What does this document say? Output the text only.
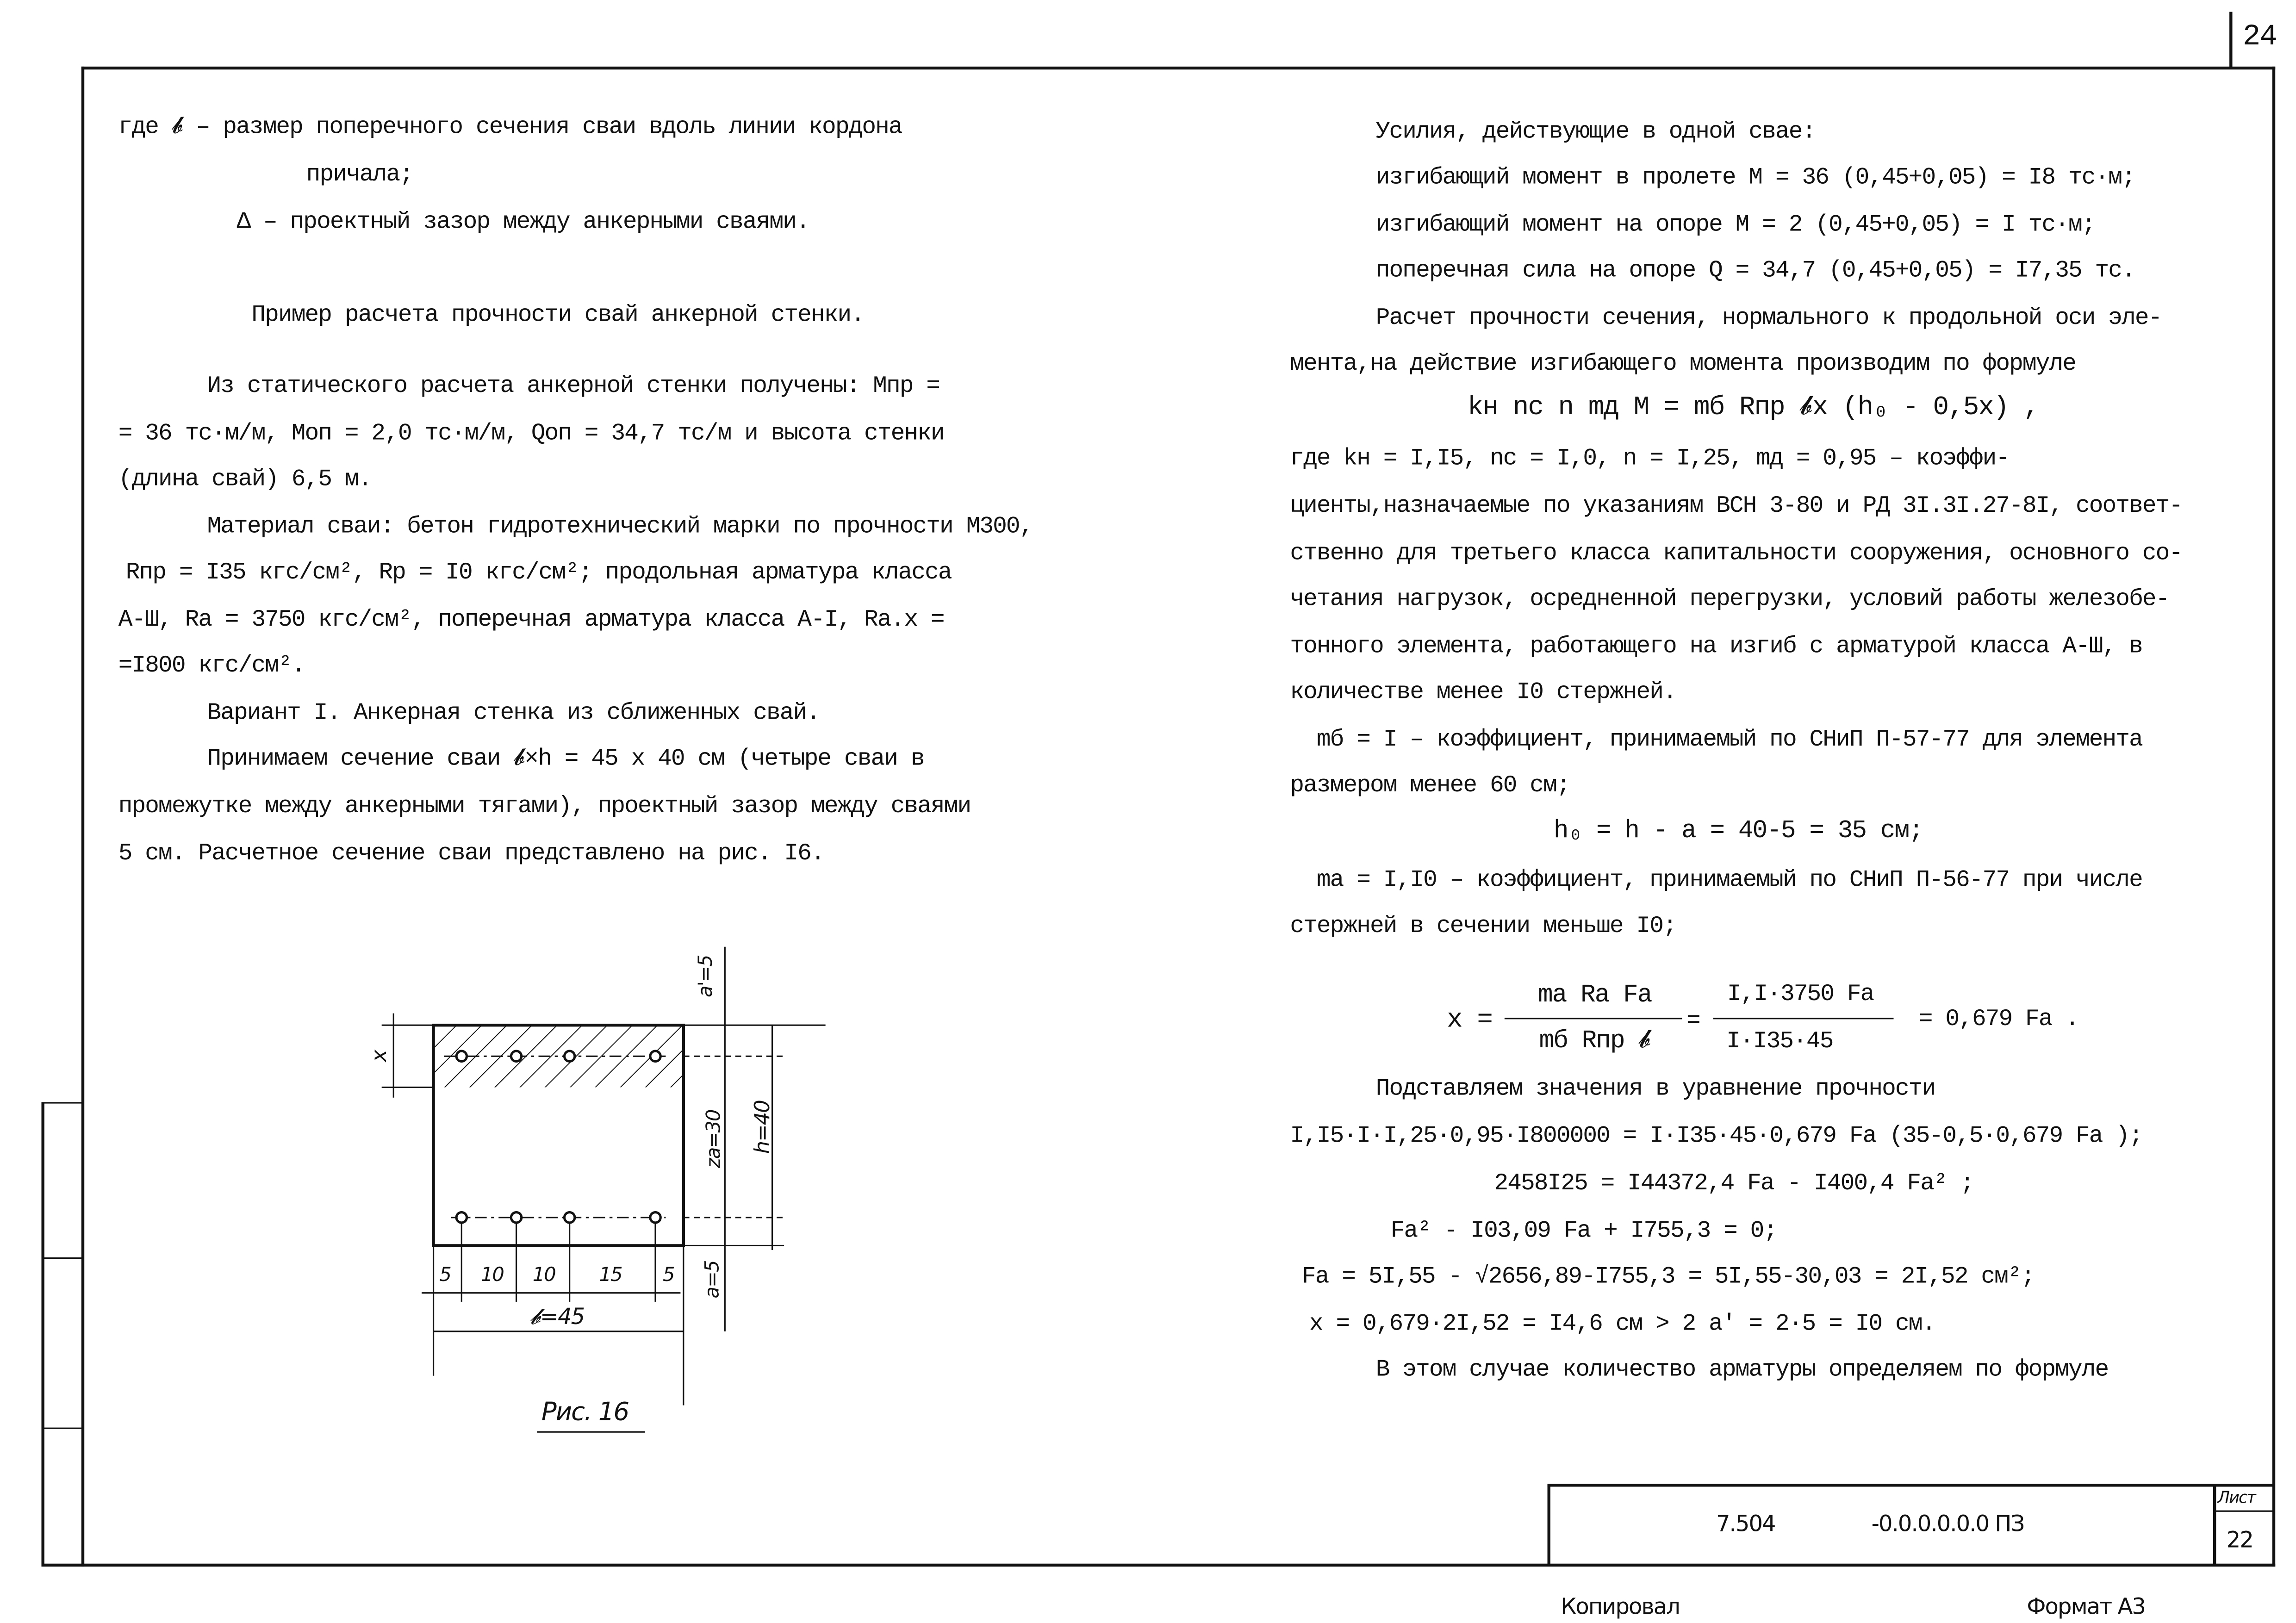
24
где 𝓫 – размер поперечного сечения сваи вдоль линии кордона
причала;
Δ – проектный зазор между анкерными сваями.
Пример расчета прочности свай анкерной стенки.
Из статического расчета анкерной стенки получены: Mпр =
= 36 тс·м/м, Mоп = 2,0 тс·м/м, Qоп = 34,7 тс/м и высота стенки
(длина свай) 6,5 м.
Материал сваи: бетон гидротехнический марки по прочности М300,
Rпр = I35 кгс/см², Rр = I0 кгс/см²; продольная арматура класса
А-Ш, Rа = 3750 кгс/см², поперечная арматура класса А-I, Rа.х =
=I800 кгс/см².
Вариант I. Анкерная стенка из сближенных свай.
Принимаем сечение сваи 𝓫×h = 45 x 40 см (четыре сваи в
промежутке между анкерными тягами), проектный зазор между сваями
5 см. Расчетное сечение сваи представлено на рис. I6.
x
a'=5
zа=30	h=40
a=5
5	10	10	15	5
𝓫=45
Рис. 16
Усилия, действующие в одной свае:
изгибающий момент в пролете M = 36 (0,45+0,05) = I8 тс·м;
изгибающий момент на опоре M = 2 (0,45+0,05) = I тс·м;
поперечная сила на опоре Q = 34,7 (0,45+0,05) = I7,35 тс.
Расчет прочности сечения, нормального к продольной оси эле-
мента,на действие изгибающего момента производим по формуле
kн nс n mд M = mб Rпр 𝓫x (h₀ - 0,5x) ,
где kн = I,I5, nс = I,0, n = I,25, mд = 0,95 – коэффи-
циенты,назначаемые по указаниям ВСН 3-80 и РД 3I.3I.27-8I, соответ-
ственно для третьего класса капитальности сооружения, основного со-
четания нагрузок, осредненной перегрузки, условий работы железобе-
тонного элемента, работающего на изгиб с арматурой класса А-Ш, в
количестве менее I0 стержней.
mб = I – коэффициент, принимаемый по СНиП П-57-77 для элемента
размером менее 60 см;
h₀ = h - a = 40-5 = 35 см;
mа = I,I0 – коэффициент, принимаемый по СНиП П-56-77 при числе
стержней в сечении меньше I0;
x =
mа Rа Fа
mб Rпр 𝓫
=
I,I·3750 Fа
I·I35·45
= 0,679 Fа .
Подставляем значения в уравнение прочности
I,I5·I·I,25·0,95·I800000 = I·I35·45·0,679 Fа (35-0,5·0,679 Fа );
2458I25 = I44372,4 Fа - I400,4 Fа² ;
Fа² - I03,09 Fа + I755,3 = 0;
Fа = 5I,55 - √2656,89-I755,3 = 5I,55-30,03 = 2I,52 см²;
x = 0,679·2I,52 = I4,6 см > 2 a' = 2·5 = I0 см.
В этом случае количество арматуры определяем по формуле
7.504	-0.0.0.0.0.0 ПЗ
Лист
22
Копировал	Формат А3
